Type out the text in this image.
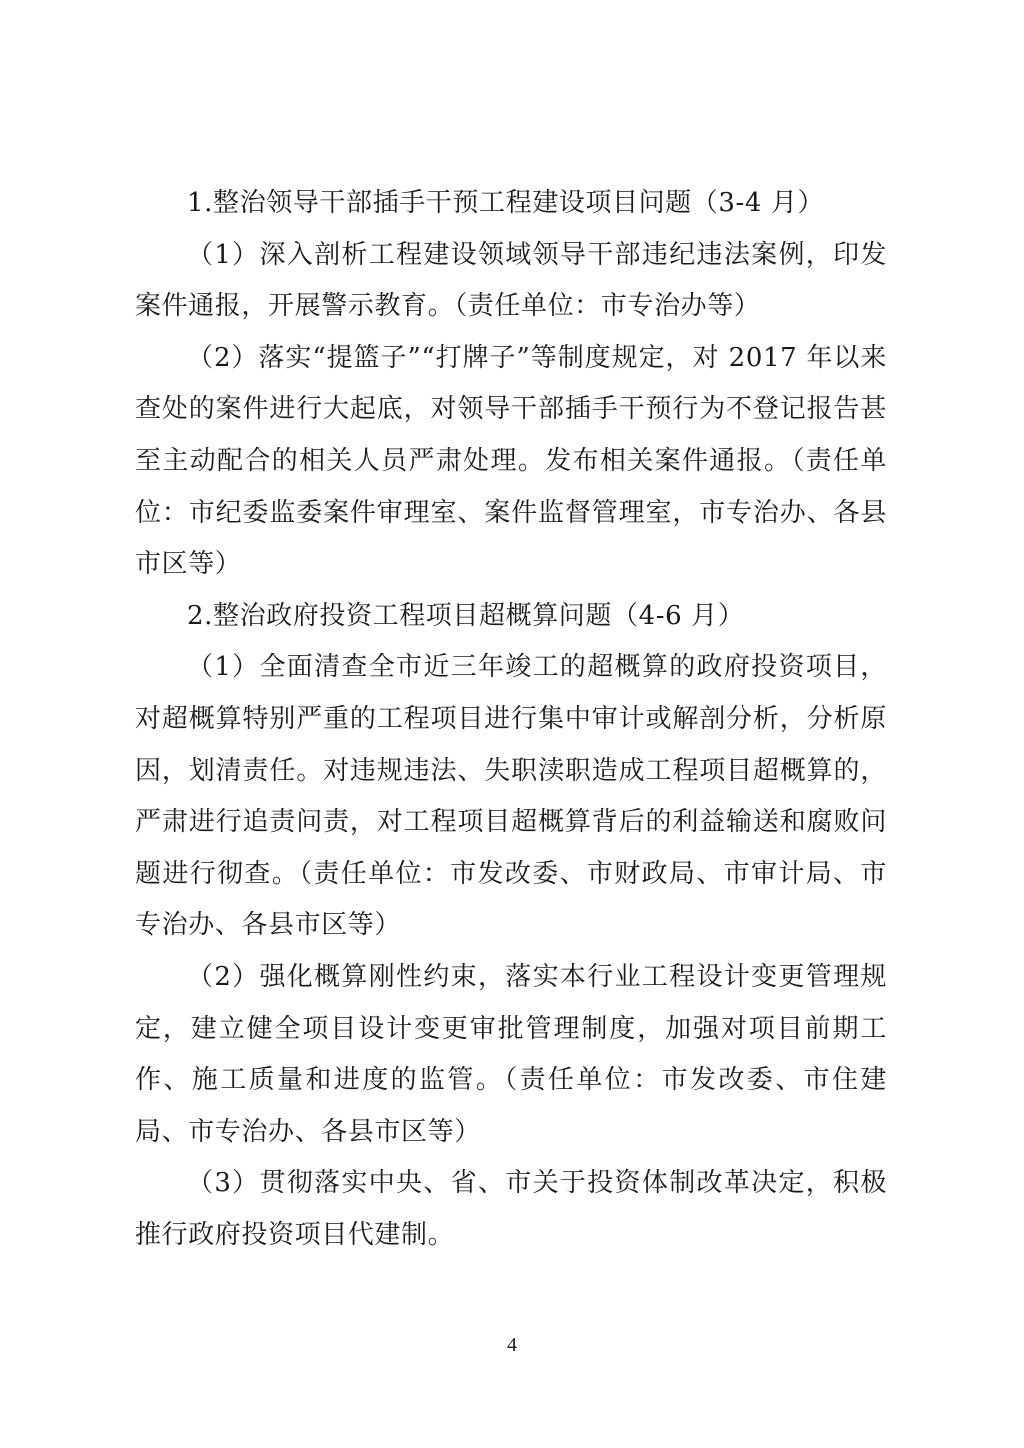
1.整治领导干部插手干预工程建设项目问题（3-4 月）

（1）深入剖析工程建设领域领导干部违纪违法案例，印发案件通报，开展警示教育。（责任单位：市专治办等）

（2）落实“提篮子”“打牌子”等制度规定，对 2017 年以来查处的案件进行大起底，对领导干部插手干预行为不登记报告甚至主动配合的相关人员严肃处理。发布相关案件通报。（责任单位：市纪委监委案件审理室、案件监督管理室，市专治办、各县市区等）

2.整治政府投资工程项目超概算问题（4-6 月）

（1）全面清查全市近三年竣工的超概算的政府投资项目，对超概算特别严重的工程项目进行集中审计或解剖分析，分析原因，划清责任。对违规违法、失职渎职造成工程项目超概算的，严肃进行追责问责，对工程项目超概算背后的利益输送和腐败问题进行彻查。（责任单位：市发改委、市财政局、市审计局、市专治办、各县市区等）

（2）强化概算刚性约束，落实本行业工程设计变更管理规定，建立健全项目设计变更审批管理制度，加强对项目前期工作、施工质量和进度的监管。（责任单位：市发改委、市住建局、市专治办、各县市区等）

（3）贯彻落实中央、省、市关于投资体制改革决定，积极推行政府投资项目代建制。

4
